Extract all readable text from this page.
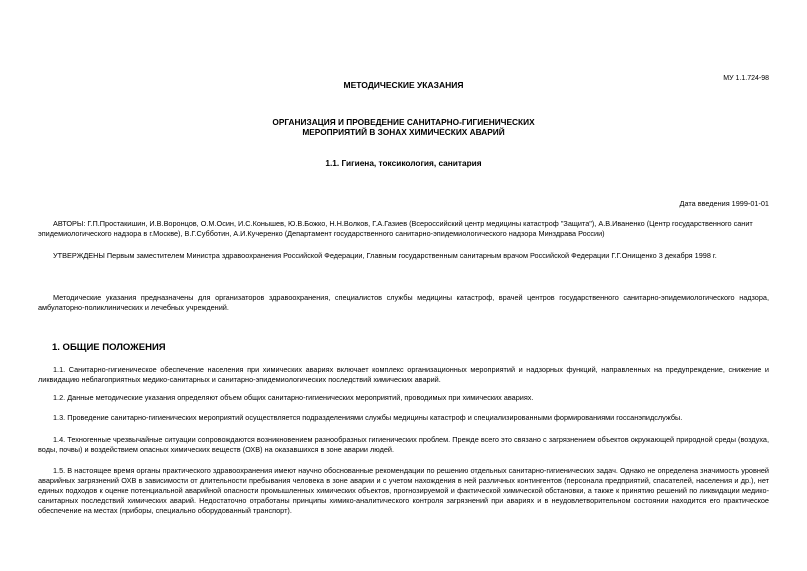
МУ 1.1.724-98
МЕТОДИЧЕСКИЕ УКАЗАНИЯ
ОРГАНИЗАЦИЯ И ПРОВЕДЕНИЕ САНИТАРНО-ГИГИЕНИЧЕСКИХ
МЕРОПРИЯТИЙ В ЗОНАХ ХИМИЧЕСКИХ АВАРИЙ
1.1. Гигиена, токсикология, санитария
Дата введения 1999-01-01
АВТОРЫ: Г.П.Простакишин, И.В.Воронцов, О.М.Осин, И.С.Конышев, Ю.В.Божко, Н.Н.Волков, Г.А.Газиев (Всероссийский центр медицины катастроф "Защита"), А.В.Иваненко (Центр государственного санит
эпидемиологического надзора в г.Москве), В.Г.Субботин, А.И.Кучеренко (Департамент государственного санитарно-эпидемиологического надзора Минздрава России)
УТВЕРЖДЕНЫ Первым заместителем Министра здравоохранения Российской Федерации, Главным государственным санитарным врачом Российской Федерации Г.Г.Онищенко 3 декабря 1998 г.
Методические указания предназначены для организаторов здравоохранения, специалистов службы медицины катастроф, врачей центров государственного санитарно-эпидемиологического надзора, амбулаторно-поликлинических и лечебных учреждений.
1. ОБЩИЕ ПОЛОЖЕНИЯ
1.1. Санитарно-гигиеническое обеспечение населения при химических авариях включает комплекс организационных мероприятий и надзорных функций, направленных на предупреждение, снижение и ликвидацию неблагоприятных медико-санитарных и санитарно-эпидемиологических последствий химических аварий.
1.2. Данные методические указания определяют объем общих санитарно-гигиенических мероприятий, проводимых при химических авариях.
1.3. Проведение санитарно-гигиенических мероприятий осуществляется подразделениями службы медицины катастроф и специализированными формированиями госсанэпидслужбы.
1.4. Техногенные чрезвычайные ситуации сопровождаются возникновением разнообразных гигиенических проблем. Прежде всего это связано с загрязнением объектов окружающей природной среды (воздуха, воды, почвы) и воздействием опасных химических веществ (ОХВ) на оказавшихся в зоне аварии людей.
1.5. В настоящее время органы практического здравоохранения имеют научно обоснованные рекомендации по решению отдельных санитарно-гигиенических задач. Однако не определена значимость уровней аварийных загрязнений ОХВ в зависимости от длительности пребывания человека в зоне аварии и с учетом нахождения в ней различных контингентов (персонала предприятий, спасателей, населения и др.), нет единых подходов к оценке потенциальной аварийной опасности промышленных химических объектов, прогнозируемой и фактической химической обстановки, а также к принятию решений по ликвидации медико-санитарных последствий химических аварий. Недостаточно отработаны принципы химико-аналитического контроля загрязнений при авариях и в неудовлетворительном состоянии находится его практическое обеспечение на местах (приборы, специально оборудованный транспорт).
